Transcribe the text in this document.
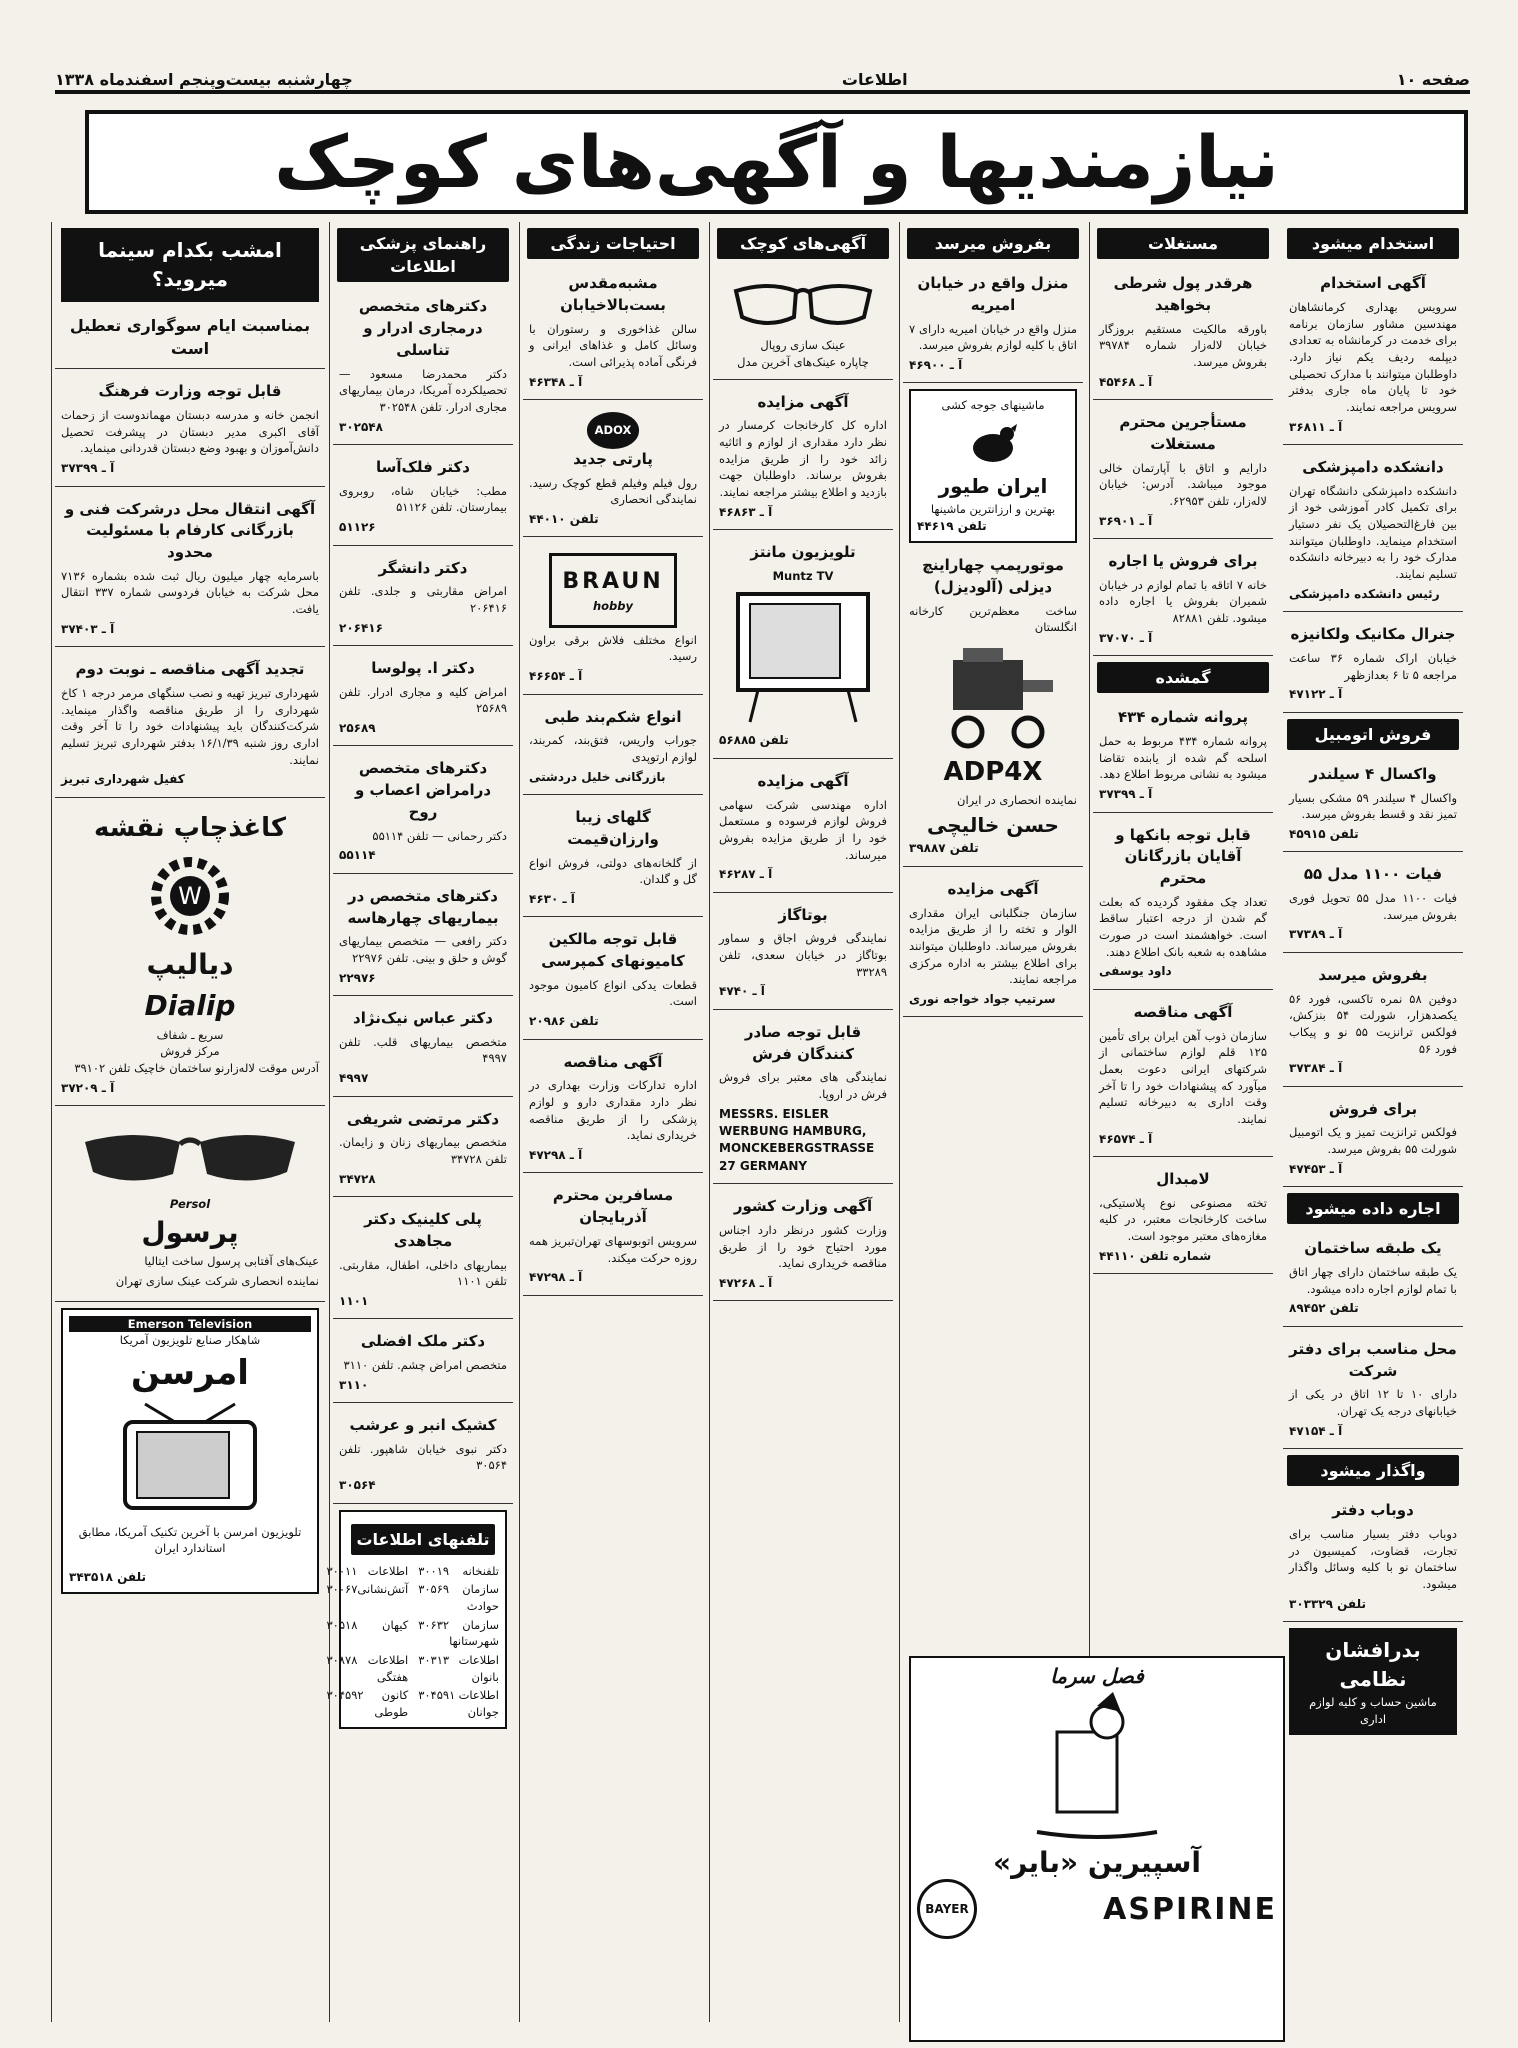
صفحه ۱۰
اطلاعات
چهارشنبه بیست‌وپنجم اسفندماه ۱۳۳۸
نیازمندیها و آگهی‌های کوچک
استخدام میشود
آگهی استخدام

سرویس بهداری کرمانشاهان مهندسین مشاور سازمان برنامه برای خدمت در کرمانشاه به تعدادی دیپلمه ردیف یکم نیاز دارد. داوطلبان میتوانند با مدارک تحصیلی خود تا پایان ماه جاری بدفتر سرویس مراجعه نمایند.

آ ـ ۳۶۸۱۱
دانشکده دامپزشکی

دانشکده دامپزشکی دانشگاه تهران برای تکمیل کادر آموزشی خود از بین فارغ‌التحصیلان یک نفر دستیار استخدام مینماید. داوطلبان میتوانند مدارک خود را به دبیرخانه دانشکده تسلیم نمایند.

رئیس دانشکده دامپزشکی
جنرال مکانیک ولکانیزه

خیابان اراک شماره ۳۶ ساعت مراجعه ۵ تا ۶ بعدازظهر

آ ـ ۴۷۱۲۲
فروش اتومبیل
واکسال ۴ سیلندر

واکسال ۴ سیلندر ۵۹ مشکی بسیار تمیز نقد و قسط بفروش میرسد.

تلفن ۴۵۹۱۵
فیات ۱۱۰۰ مدل ۵۵

فیات ۱۱۰۰ مدل ۵۵ تحویل فوری بفروش میرسد.

آ ـ ۳۷۳۸۹
بفروش میرسد

دوفین ۵۸ نمره تاکسی، فورد ۵۶ یکصدهزار، شورلت ۵۴ بنزکش، فولکس ترانزیت ۵۵ نو و پیکاب فورد ۵۶

آ ـ ۳۷۳۸۴
برای فروش

فولکس ترانزیت تمیز و یک اتومبیل شورلت ۵۵ بفروش میرسد.

آ ـ ۴۷۴۵۳
اجاره داده میشود
یک طبقه ساختمان

یک طبقه ساختمان دارای چهار اتاق با تمام لوازم اجاره داده میشود.

تلفن ۸۹۴۵۲
محل مناسب برای دفتر شرکت

دارای ۱۰ تا ۱۲ اتاق در یکی از خیابانهای درجه یک تهران.

آ ـ ۴۷۱۵۴
واگذار میشود
دوباب دفتر

دوباب دفتر بسیار مناسب برای تجارت، قضاوت، کمیسیون در ساختمان نو با کلیه وسائل واگذار میشود.

تلفن ۳۰۳۳۲۹
بدرافشان نظامی
ماشین حساب و کلیه لوازم اداری
مستغلات
هرقدر پول شرطی بخواهید

باورقه مالکیت مستقیم بروزگار خیابان لاله‌زار شماره ۳۹۷۸۴ بفروش میرسد.

آ ـ ۴۵۴۶۸
مستأجرین محترم مستغلات

دارایم و اتاق با آپارتمان خالی موجود میباشد. آدرس: خیابان لاله‌زار، تلفن ۶۲۹۵۳.

آ ـ ۳۶۹۰۱
برای فروش یا اجاره

خانه ۷ اتاقه با تمام لوازم در خیابان شمیران بفروش یا اجاره داده میشود. تلفن ۸۲۸۸۱

آ ـ ۳۷۰۷۰
گمشده
پروانه شماره ۴۳۴

پروانه شماره ۴۳۴ مربوط به حمل اسلحه گم شده از یابنده تقاضا میشود به نشانی مربوط اطلاع دهد.

آ ـ ۳۷۳۹۹
قابل توجه بانکها و آقایان بازرگانان محترم

تعداد چک مفقود گردیده که بعلت گم شدن از درجه اعتبار ساقط است. خواهشمند است در صورت مشاهده به شعبه بانک اطلاع دهند.

داود یوسفی
آگهی مناقصه

سازمان ذوب آهن ایران برای تأمین ۱۲۵ قلم لوازم ساختمانی از شرکتهای ایرانی دعوت بعمل میآورد که پیشنهادات خود را تا آخر وقت اداری به دبیرخانه تسلیم نمایند.

آ ـ ۴۶۵۷۴
لامبدال

تخته مصنوعی نوع پلاستیکی، ساخت کارخانجات معتبر، در کلیه مغازه‌های معتبر موجود است.

شماره تلفن ۴۴۱۱۰
بفروش میرسد
منزل واقع در خیابان امیریه

منزل واقع در خیابان امیریه دارای ۷ اتاق با کلیه لوازم بفروش میرسد.

آ ـ ۴۶۹۰۰
ماشینهای جوجه کشی
ایران طیور
بهترین و ارزانترین ماشینها
تلفن ۴۴۶۱۹
موتورپمپ چهاراینچ دیزلی (آلودیزل)

ساخت معظم‌ترین کارخانه انگلستان

ADP4X

نماینده انحصاری در ایران

حسن خالیچی
تلفن ۳۹۸۸۷
آگهی مزایده

سازمان جنگلبانی ایران مقداری الوار و تخته را از طریق مزایده بفروش میرساند. داوطلبان میتوانند برای اطلاع بیشتر به اداره مرکزی مراجعه نمایند.

سرتیپ جواد خواجه نوری
آگهی‌های کوچک
عینک سازی روپال
چاپاره عینک‌های آخرین مدل
آگهی مزایده

اداره کل کارخانجات کرمسار در نظر دارد مقداری از لوازم و اثاثیه زائد خود را از طریق مزایده بفروش برساند. داوطلبان جهت بازدید و اطلاع بیشتر مراجعه نمایند.

آ ـ ۴۶۸۶۳
تلویزیون مانتز
Muntz TV
تلفن ۵۶۸۸۵
آگهی مزایده

اداره مهندسی شرکت سهامی فروش لوازم فرسوده و مستعمل خود را از طریق مزایده بفروش میرساند.

آ ـ ۴۶۲۸۷
بوتاگاز

نمایندگی فروش اجاق و سماور بوتاگاز در خیابان سعدی، تلفن ۳۳۲۸۹

آ ـ ۴۷۴۰
قابل توجه صادر کنندگان فرش

نمایندگی های معتبر برای فروش فرش در اروپا.

MESSRS. EISLER WERBUNG HAMBURG, MONCKEBERGSTRASSE 27 GERMANY
آگهی وزارت کشور

وزارت کشور درنظر دارد اجناس مورد احتیاج خود را از طریق مناقصه خریداری نماید.

آ ـ ۴۷۲۶۸
احتیاجات زندگی
مشبه‌مقدس بست‌بالاخیابان

سالن غذاخوری و رستوران با وسائل کامل و غذاهای ایرانی و فرنگی آماده پذیرائی است.

آ ـ ۴۶۳۴۸
ADOX
پارتی جدید

رول فیلم وفیلم قطع کوچک رسید. نمایندگی انحصاری

تلفن ۴۴۰۱۰
BRAUN
hobby

انواع مختلف فلاش برقی براون رسید.

آ ـ ۴۶۶۵۴
انواع شکم‌بند طبی

جوراب واریس، فتق‌بند، کمربند، لوازم ارتوپدی

بازرگانی خلیل دردشتی
گلهای زیبا وارزان‌قیمت

از گلخانه‌های دولتی، فروش انواع گل و گلدان.

آ ـ ۴۶۳۰
قابل توجه مالکین کامیونهای کمپرسی

قطعات یدکی انواع کامیون موجود است.

تلفن ۲۰۹۸۶
آگهی مناقصه

اداره تدارکات وزارت بهداری در نظر دارد مقداری دارو و لوازم پزشکی را از طریق مناقصه خریداری نماید.

آ ـ ۴۷۲۹۸
مسافرین محترم آذربایجان

سرویس اتوبوسهای تهران‌تبریز همه روزه حرکت میکند.

آ ـ ۴۷۲۹۸
راهنمای پزشکی اطلاعات
دکترهای متخصص درمجاری ادرار و تناسلی

دکتر محمدرضا مسعود — تحصیلکرده آمریکا، درمان بیماریهای مجاری ادرار. تلفن ۳۰۲۵۴۸

۳۰۲۵۴۸
دکتر فلک‌آسا

مطب: خیابان شاه، روبروی بیمارستان. تلفن ۵۱۱۲۶

۵۱۱۲۶
دکتر دانشگر

امراض مقاربتی و جلدی. تلفن ۲۰۶۴۱۶

۲۰۶۴۱۶
دکتر ا. پولوسا

امراض کلیه و مجاری ادرار. تلفن ۲۵۶۸۹

۲۵۶۸۹
دکترهای متخصص درامراض اعصاب و روح

دکتر رحمانی — تلفن ۵۵۱۱۴

۵۵۱۱۴
دکترهای متخصص در بیماریهای چهارهاسه

دکتر رافعی — متخصص بیماریهای گوش و حلق و بینی. تلفن ۲۲۹۷۶

۲۲۹۷۶
دکتر عباس نیک‌نژاد

متخصص بیماریهای قلب. تلفن ۴۹۹۷

۴۹۹۷
دکتر مرتضی شریفی

متخصص بیماریهای زنان و زایمان. تلفن ۳۴۷۲۸

۳۴۷۲۸
پلی کلینیک دکتر مجاهدی

بیماریهای داخلی، اطفال، مقاربتی. تلفن ۱۱۰۱

۱۱۰۱
دکتر ملک افضلی

متخصص امراض چشم. تلفن ۳۱۱۰

۳۱۱۰
کشیک انبر و عرشب

دکتر نبوی خیابان شاهپور. تلفن ۳۰۵۶۴

۳۰۵۶۴
تلفنهای اطلاعات
تلفنخانه
۳۰۰۱۹
اطلاعات
۳۰۰۱۱
سازمان حوادث
۳۰۵۶۹
آتش‌نشانی
۳۰۰۶۷
سازمان شهرستانها
۳۰۶۳۲
کیهان
۳۰۵۱۸
اطلاعات بانوان
۳۰۳۱۳
اطلاعات هفتگی
۳۰۸۷۸
اطلاعات جوانان
۳۰۴۵۹۱
کانون طوطی
۳۰۴۵۹۲
امشب بکدام سینما میروید؟
بمناسبت ایام سوگواری تعطیل است
قابل توجه وزارت فرهنگ

انجمن خانه و مدرسه دبستان مهماندوست از زحمات آقای اکبری مدیر دبستان در پیشرفت تحصیل دانش‌آموزان و بهبود وضع دبستان قدردانی مینماید.

آ ـ ۳۷۳۹۹
آگهی انتقال محل درشرکت فنی و بازرگانی کارفام با مسئولیت محدود

باسرمایه چهار میلیون ریال ثبت شده بشماره ۷۱۳۶ محل شرکت به خیابان فردوسی شماره ۳۳۷ انتقال یافت.

آ ـ ۳۷۴۰۳
تجدید آگهی مناقصه ـ نوبت دوم

شهرداری تبریز تهیه و نصب سنگهای مرمر درجه ۱ کاخ شهرداری را از طریق مناقصه واگذار مینماید. شرکت‌کنندگان باید پیشنهادات خود را تا آخر وقت اداری روز شنبه ۱۶/۱/۳۹ بدفتر شهرداری تبریز تسلیم نمایند.

کفیل شهرداری تبریز
کاغذچاپ نقشه
W
دیالیپ
Dialip
سریع ـ شفاف
مرکز فروش

آدرس موقت لاله‌زارنو ساختمان خاچیک تلفن ۳۹۱۰۲

آ ـ ۳۷۲۰۹
Persol
پرسول

عینک‌های آفتابی پرسول ساخت ایتالیا

نماینده انحصاری شرکت عینک سازی تهران

Emerson Television
شاهکار صنایع تلویزیون آمریکا
امرسن

تلویزیون امرسن با آخرین تکنیک آمریکا، مطابق استاندارد ایران

تلفن ۳۴۳۵۱۸
فصل سرما
آسپیرین «بایر»
ASPIRINE
BAYER
